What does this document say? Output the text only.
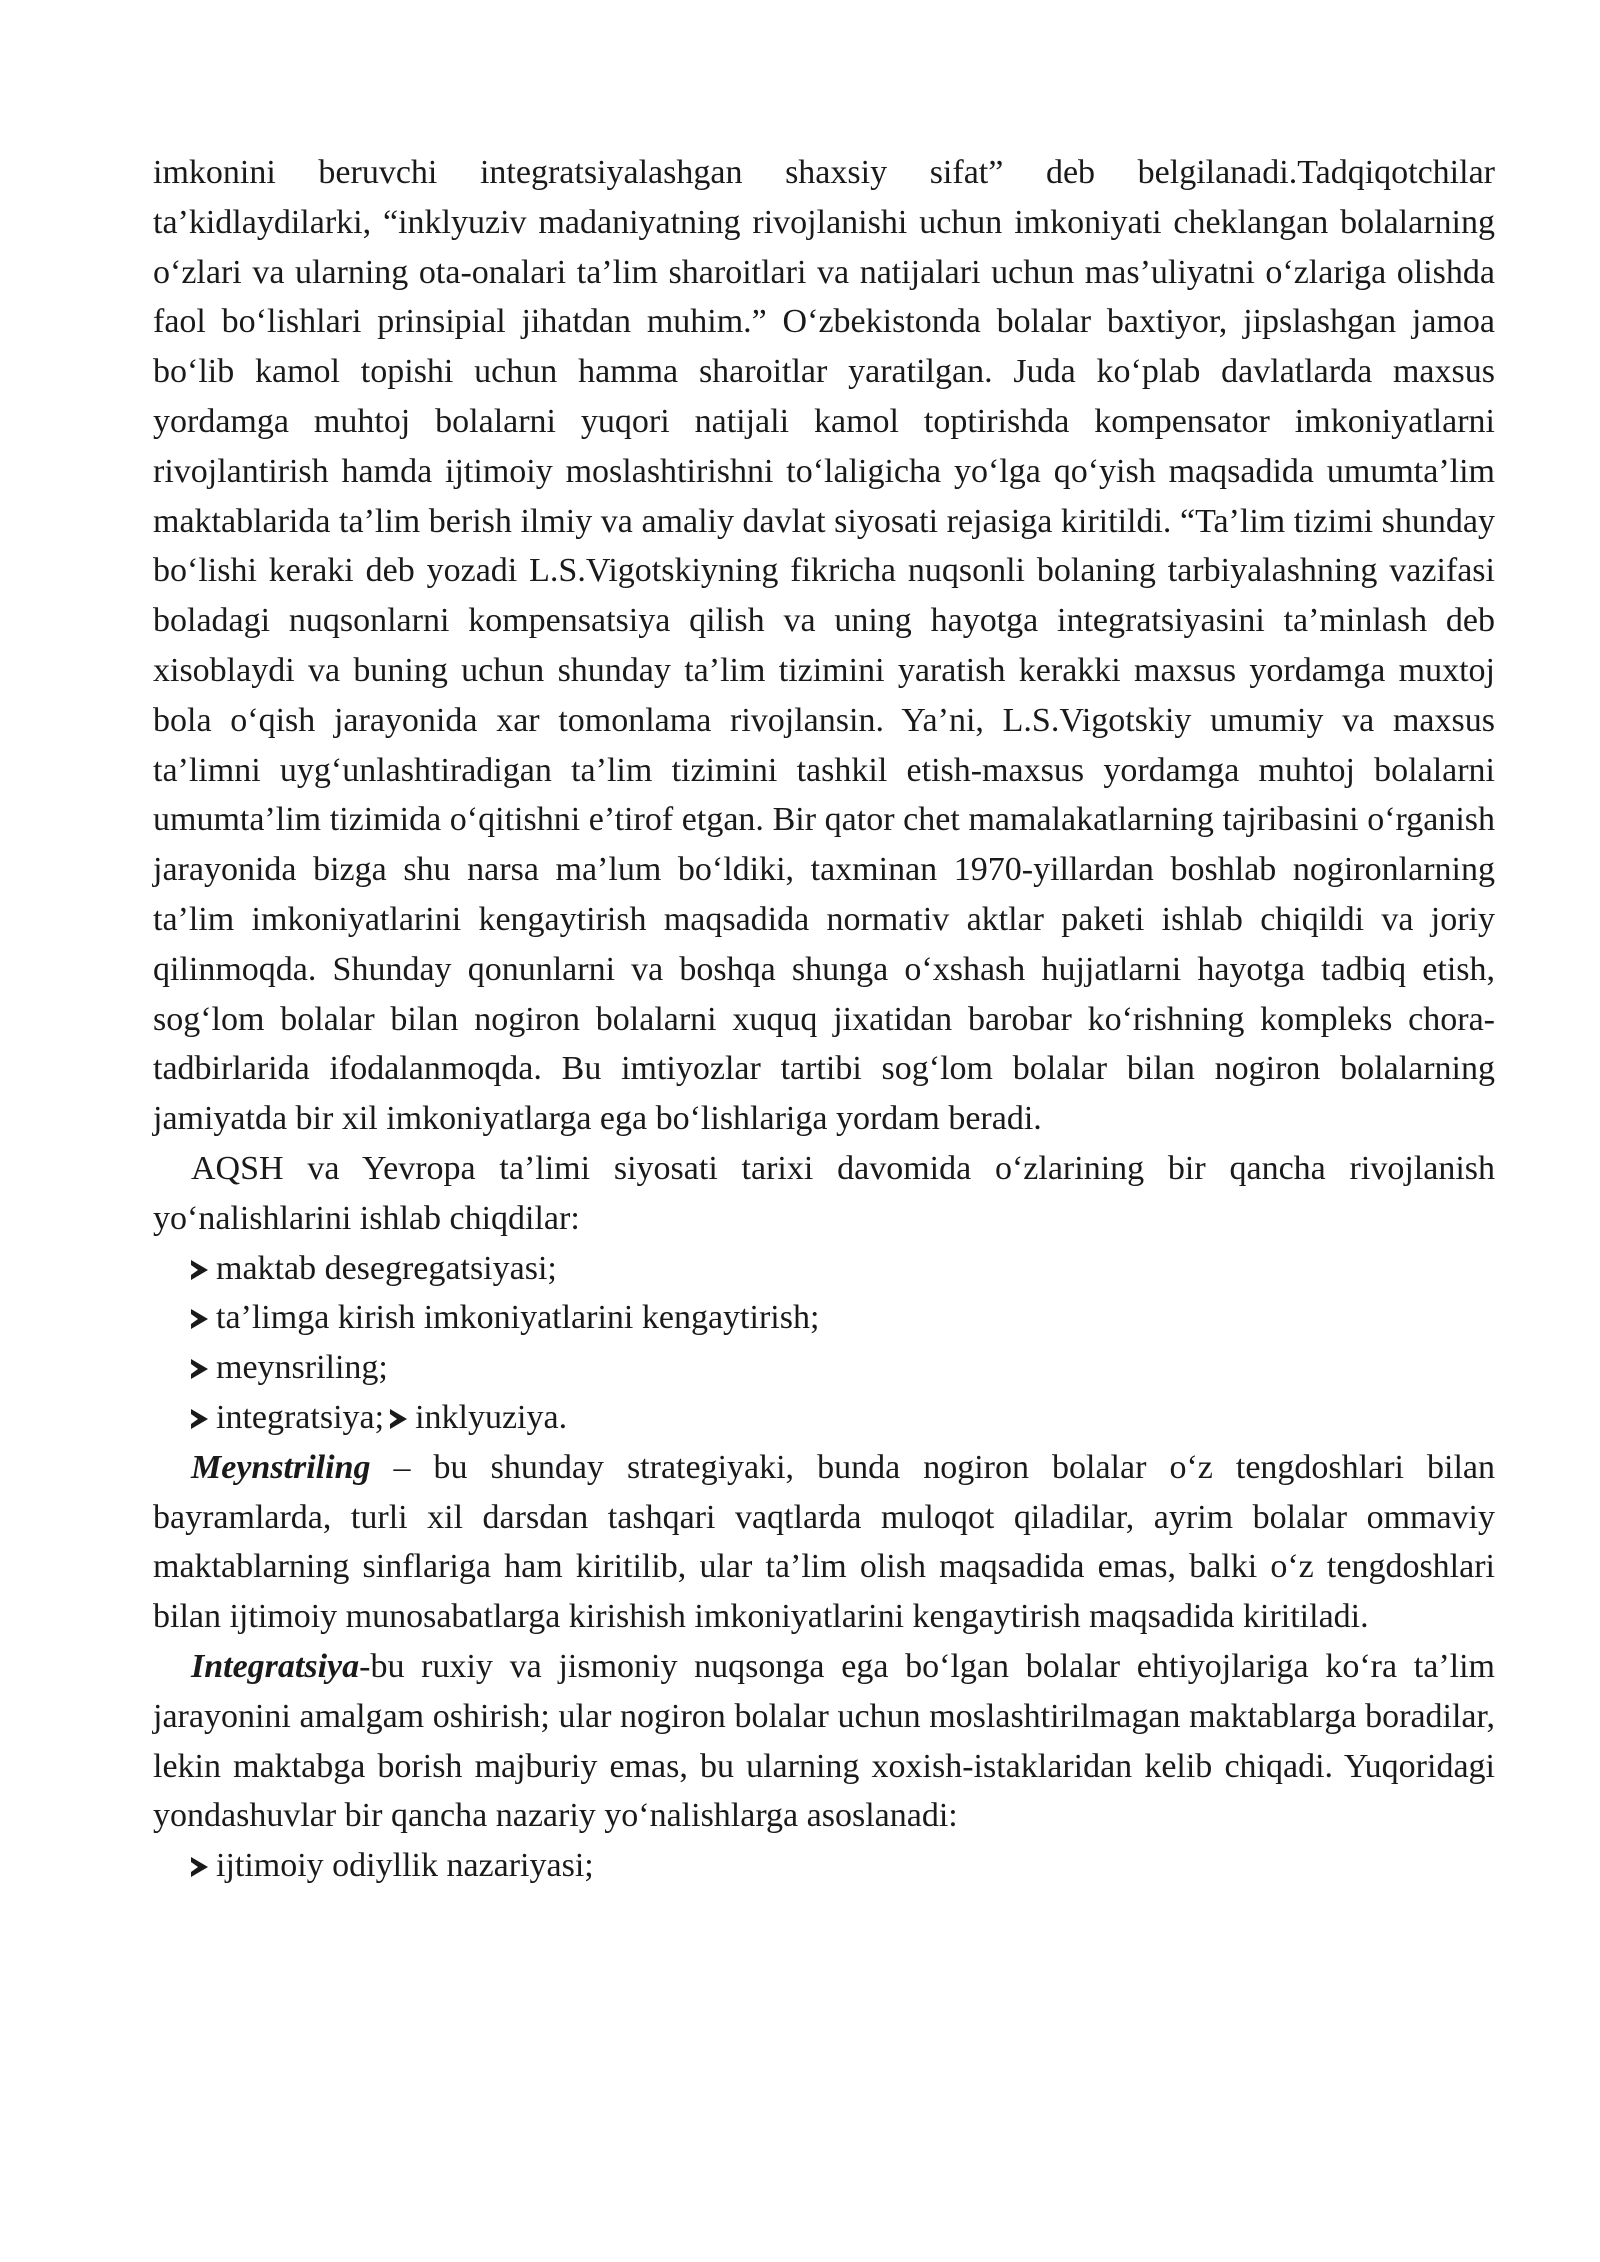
imkonini beruvchi integratsiyalashgan shaxsiy sifat” deb belgilanadi.Tadqiqotchilar ta’kidlaydilarki, “inklyuziv madaniyatning rivojlanishi uchun imkoniyati cheklangan bolalarning o‘zlari va ularning ota-onalari ta’lim sharoitlari va natijalari uchun mas’uliyatni o‘zlariga olishda faol bo‘lishlari prinsipial jihatdan muhim.” O‘zbekistonda bolalar baxtiyor, jipslashgan jamoa bo‘lib kamol topishi uchun hamma sharoitlar yaratilgan. Juda ko‘plab davlatlarda maxsus yordamga muhtoj bolalarni yuqori natijali kamol toptirishda kompensator imkoniyatlarni rivojlantirish hamda ijtimoiy moslashtirishni to‘laligicha yo‘lga qo‘yish maqsadida umumta’lim maktablarida ta’lim berish ilmiy va amaliy davlat siyosati rejasiga kiritildi. “Ta’lim tizimi shunday bo‘lishi keraki deb yozadi L.S.Vigotskiyning fikricha nuqsonli bolaning tarbiyalashning vazifasi boladagi nuqsonlarni kompensatsiya qilish va uning hayotga integratsiyasini ta’minlash deb xisoblaydi va buning uchun shunday ta’lim tizimini yaratish kerakki maxsus yordamga muxtoj bola o‘qish jarayonida xar tomonlama rivojlansin. Ya’ni, L.S.Vigotskiy umumiy va maxsus ta’limni uyg‘unlashtiradigan ta’lim tizimini tashkil etish-maxsus yordamga muhtoj bolalarni umumta’lim tizimida o‘qitishni e’tirof etgan. Bir qator chet mamalakatlarning tajribasini o‘rganish jarayonida bizga shu narsa ma’lum bo‘ldiki, taxminan 1970-yillardan boshlab nogironlarning ta’lim imkoniyatlarini kengaytirish maqsadida normativ aktlar paketi ishlab chiqildi va joriy qilinmoqda. Shunday qonunlarni va boshqa shunga o‘xshash hujjatlarni hayotga tadbiq etish, sog‘lom bolalar bilan nogiron bolalarni xuquq jixatidan barobar ko‘rishning kompleks chora-tadbirlarida ifodalanmoqda. Bu imtiyozlar tartibi sog‘lom bolalar bilan nogiron bolalarning jamiyatda bir xil imkoniyatlarga ega bo‘lishlariga yordam beradi.

AQSH va Yevropa ta’limi siyosati tarixi davomida o‘zlarining bir qancha rivojlanish yo‘nalishlarini ishlab chiqdilar:

maktab desegregatsiyasi;

ta’limga kirish imkoniyatlarini kengaytirish;

meynsriling;

integratsiya; inklyuziya.

Meynstriling – bu shunday strategiyaki, bunda nogiron bolalar o‘z tengdoshlari bilan bayramlarda, turli xil darsdan tashqari vaqtlarda muloqot qiladilar, ayrim bolalar ommaviy maktablarning sinflariga ham kiritilib, ular ta’lim olish maqsadida emas, balki o‘z tengdoshlari bilan ijtimoiy munosabatlarga kirishish imkoniyatlarini kengaytirish maqsadida kiritiladi.

Integratsiya-bu ruxiy va jismoniy nuqsonga ega bo‘lgan bolalar ehtiyojlariga ko‘ra ta’lim jarayonini amalgam oshirish; ular nogiron bolalar uchun moslashtirilmagan maktablarga boradilar, lekin maktabga borish majburiy emas, bu ularning xoxish-istaklaridan kelib chiqadi. Yuqoridagi yondashuvlar bir qancha nazariy yo‘nalishlarga asoslanadi:

ijtimoiy odiyllik nazariyasi;
